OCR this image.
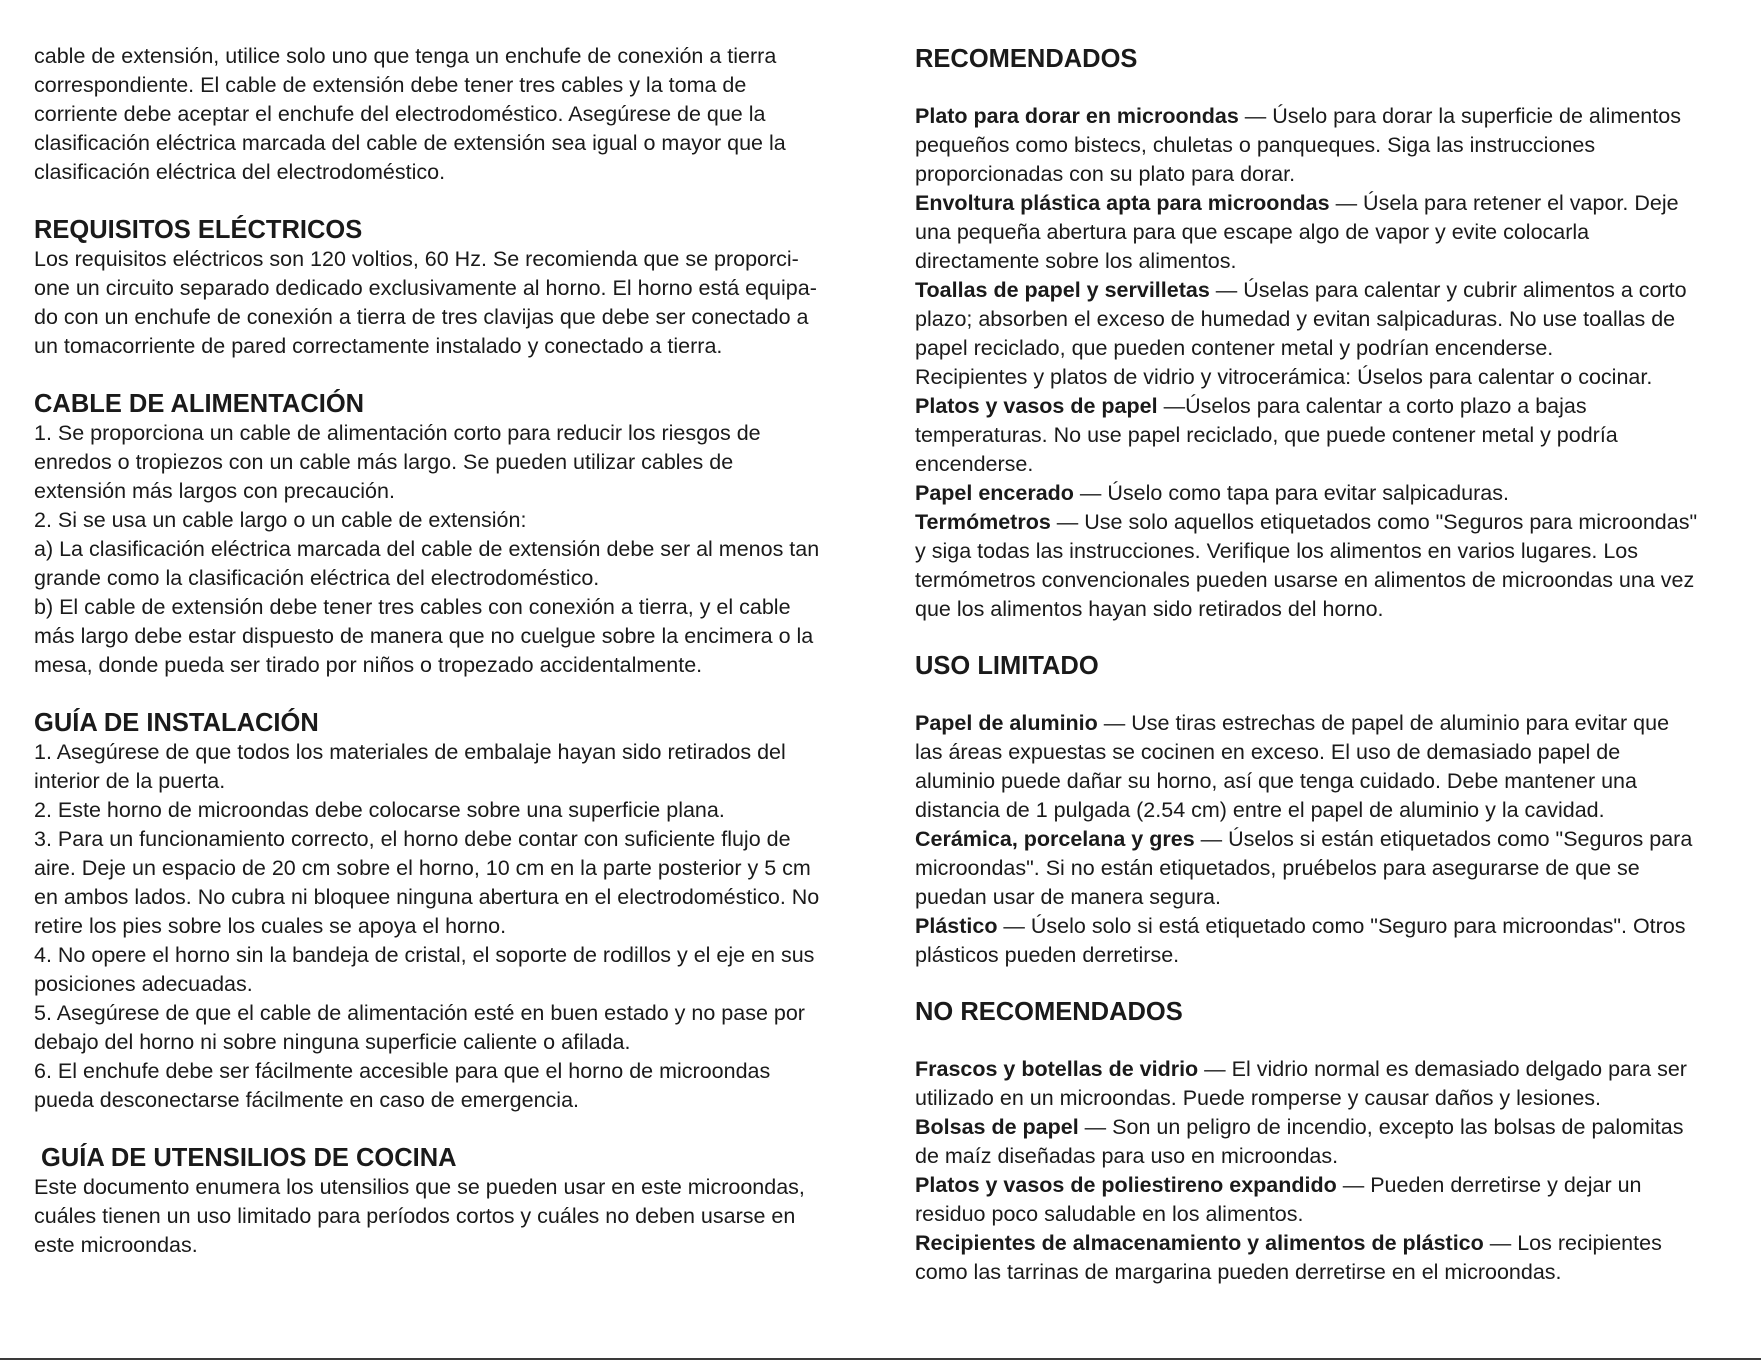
cable de extensión, utilice solo uno que tenga un enchufe de conexión a tierra
correspondiente. El cable de extensión debe tener tres cables y la toma de
corriente debe aceptar el enchufe del electrodoméstico. Asegúrese de que la
clasificación eléctrica marcada del cable de extensión sea igual o mayor que la
clasificación eléctrica del electrodoméstico.

REQUISITOS ELÉCTRICOS

Los requisitos eléctricos son 120 voltios, 60 Hz. Se recomienda que se proporci-
one un circuito separado dedicado exclusivamente al horno. El horno está equipa-
do con un enchufe de conexión a tierra de tres clavijas que debe ser conectado a
un tomacorriente de pared correctamente instalado y conectado a tierra.

CABLE DE ALIMENTACIÓN

1. Se proporciona un cable de alimentación corto para reducir los riesgos de
enredos o tropiezos con un cable más largo. Se pueden utilizar cables de
extensión más largos con precaución.
2. Si se usa un cable largo o un cable de extensión:
a) La clasificación eléctrica marcada del cable de extensión debe ser al menos tan
grande como la clasificación eléctrica del electrodoméstico.
b) El cable de extensión debe tener tres cables con conexión a tierra, y el cable
más largo debe estar dispuesto de manera que no cuelgue sobre la encimera o la
mesa, donde pueda ser tirado por niños o tropezado accidentalmente.

GUÍA DE INSTALACIÓN

1. Asegúrese de que todos los materiales de embalaje hayan sido retirados del
interior de la puerta.
2. Este horno de microondas debe colocarse sobre una superficie plana.
3. Para un funcionamiento correcto, el horno debe contar con suficiente flujo de
aire. Deje un espacio de 20 cm sobre el horno, 10 cm en la parte posterior y 5 cm
en ambos lados. No cubra ni bloquee ninguna abertura en el electrodoméstico. No
retire los pies sobre los cuales se apoya el horno.
4. No opere el horno sin la bandeja de cristal, el soporte de rodillos y el eje en sus
posiciones adecuadas.
5. Asegúrese de que el cable de alimentación esté en buen estado y no pase por
debajo del horno ni sobre ninguna superficie caliente o afilada.
6. El enchufe debe ser fácilmente accesible para que el horno de microondas
pueda desconectarse fácilmente en caso de emergencia.

GUÍA DE UTENSILIOS DE COCINA

Este documento enumera los utensilios que se pueden usar en este microondas,
cuáles tienen un uso limitado para períodos cortos y cuáles no deben usarse en
este microondas.

RECOMENDADOS

Plato para dorar en microondas — Úselo para dorar la superficie de alimentos
pequeños como bistecs, chuletas o panqueques. Siga las instrucciones
proporcionadas con su plato para dorar.

Envoltura plástica apta para microondas — Úsela para retener el vapor. Deje
una pequeña abertura para que escape algo de vapor y evite colocarla
directamente sobre los alimentos.

Toallas de papel y servilletas — Úselas para calentar y cubrir alimentos a corto
plazo; absorben el exceso de humedad y evitan salpicaduras. No use toallas de
papel reciclado, que pueden contener metal y podrían encenderse.

Recipientes y platos de vidrio y vitrocerámica: Úselos para calentar o cocinar.

Platos y vasos de papel —Úselos para calentar a corto plazo a bajas
temperaturas. No use papel reciclado, que puede contener metal y podría
encenderse.

Papel encerado — Úselo como tapa para evitar salpicaduras.

Termómetros — Use solo aquellos etiquetados como "Seguros para microondas"
y siga todas las instrucciones. Verifique los alimentos en varios lugares. Los
termómetros convencionales pueden usarse en alimentos de microondas una vez
que los alimentos hayan sido retirados del horno.

USO LIMITADO

Papel de aluminio — Use tiras estrechas de papel de aluminio para evitar que
las áreas expuestas se cocinen en exceso. El uso de demasiado papel de
aluminio puede dañar su horno, así que tenga cuidado. Debe mantener una
distancia de 1 pulgada (2.54 cm) entre el papel de aluminio y la cavidad.

Cerámica, porcelana y gres — Úselos si están etiquetados como "Seguros para
microondas". Si no están etiquetados, pruébelos para asegurarse de que se
puedan usar de manera segura.

Plástico — Úselo solo si está etiquetado como "Seguro para microondas". Otros
plásticos pueden derretirse.

NO RECOMENDADOS

Frascos y botellas de vidrio — El vidrio normal es demasiado delgado para ser
utilizado en un microondas. Puede romperse y causar daños y lesiones.

Bolsas de papel — Son un peligro de incendio, excepto las bolsas de palomitas
de maíz diseñadas para uso en microondas.

Platos y vasos de poliestireno expandido — Pueden derretirse y dejar un
residuo poco saludable en los alimentos.

Recipientes de almacenamiento y alimentos de plástico — Los recipientes
como las tarrinas de margarina pueden derretirse en el microondas.
